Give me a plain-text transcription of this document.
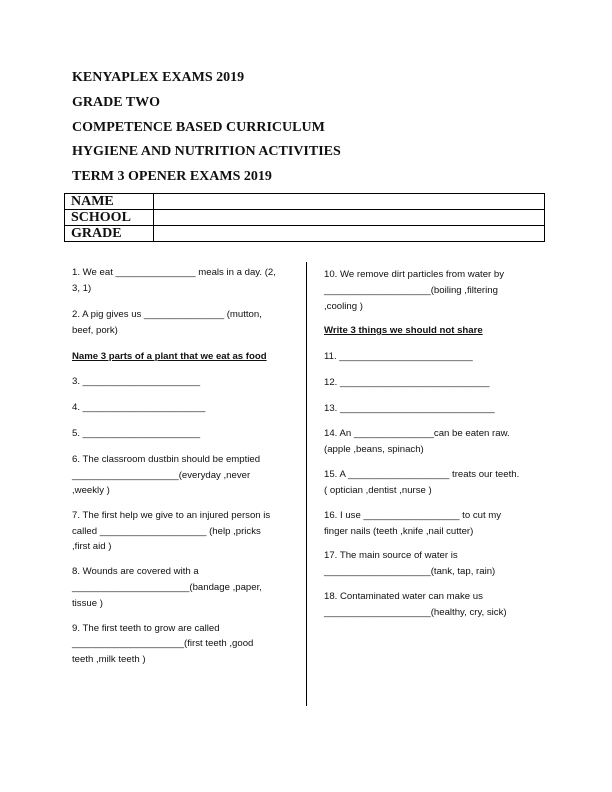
NAME	
SCHOOL	
GRADE	
KENYAPLEX EXAMS 2019
GRADE TWO
COMPETENCE BASED CURRICULUM
HYGIENE AND NUTRITION ACTIVITIES
TERM 3 OPENER EXAMS 2019
1. We eat _______________ meals in a day. (2,
3, 1)
2. A pig gives us _______________ (mutton,
beef, pork)
Name 3 parts of a plant that we eat as food
3. ______________________
4. _______________________
5. ______________________
6. The classroom dustbin should be emptied
____________________(everyday ,never
,weekly )
7. The first help we give to an injured person is
called ____________________ (help ,pricks
,first aid )
8. Wounds are covered with a
______________________(bandage ,paper,
tissue )
9. The first teeth to grow are called
_____________________(first teeth ,good
teeth ,milk teeth )
10. We remove dirt particles from water by
____________________(boiling ,filtering
,cooling )
Write 3 things we should not share
11. _________________________
12. ____________________________
13. _____________________________
14. An _______________can be eaten raw.
(apple ,beans, spinach)
15. A ___________________ treats our teeth.
( optician ,dentist ,nurse )
16. I use __________________ to cut my
finger nails (teeth ,knife ,nail cutter)
17. The main source of water is
____________________(tank, tap, rain)
18. Contaminated water can make us
____________________(healthy, cry, sick)
